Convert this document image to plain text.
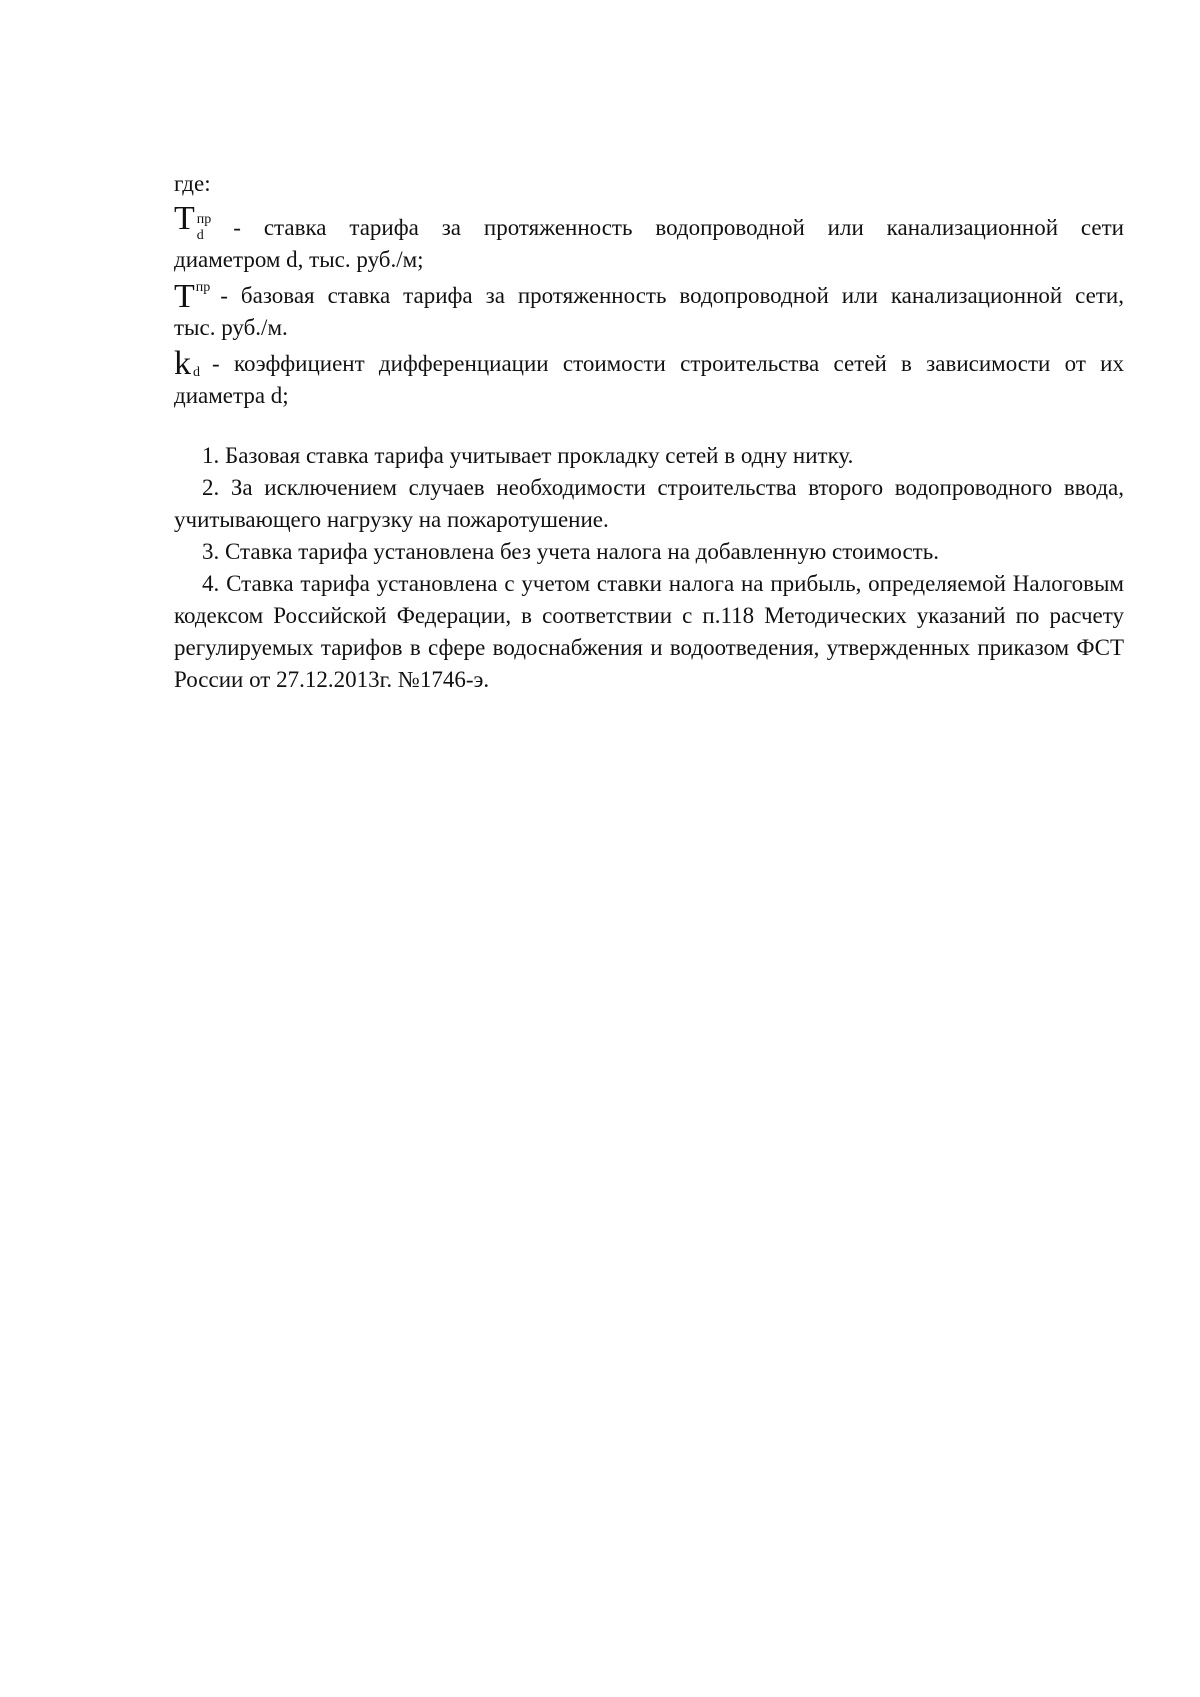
где:

T пр
d	- ставка тарифа за протяженность водопроводной или канализационной сети

диаметром d, тыс. руб./м;

$T^{пр}$ - базовая ставка тарифа за протяженность водопроводной или канализационной сети,

тыс. руб./м.

k $_d$ - коэффициент дифференциации стоимости строительства сетей в зависимости от их

диаметра d;

1. Базовая ставка тарифа учитывает прокладку сетей в одну нитку.

2. За исключением случаев необходимости строительства второго водопроводного ввода, учитывающего нагрузку на пожаротушение.

3. Ставка тарифа установлена без учета налога на добавленную стоимость.

4. Ставка тарифа установлена с учетом ставки налога на прибыль, определяемой Налоговым кодексом Российской Федерации, в соответствии с п.118 Методических указаний по расчету регулируемых тарифов в сфере водоснабжения и водоотведения, утвержденных приказом ФСТ России от 27.12.2013г. №1746-э.
